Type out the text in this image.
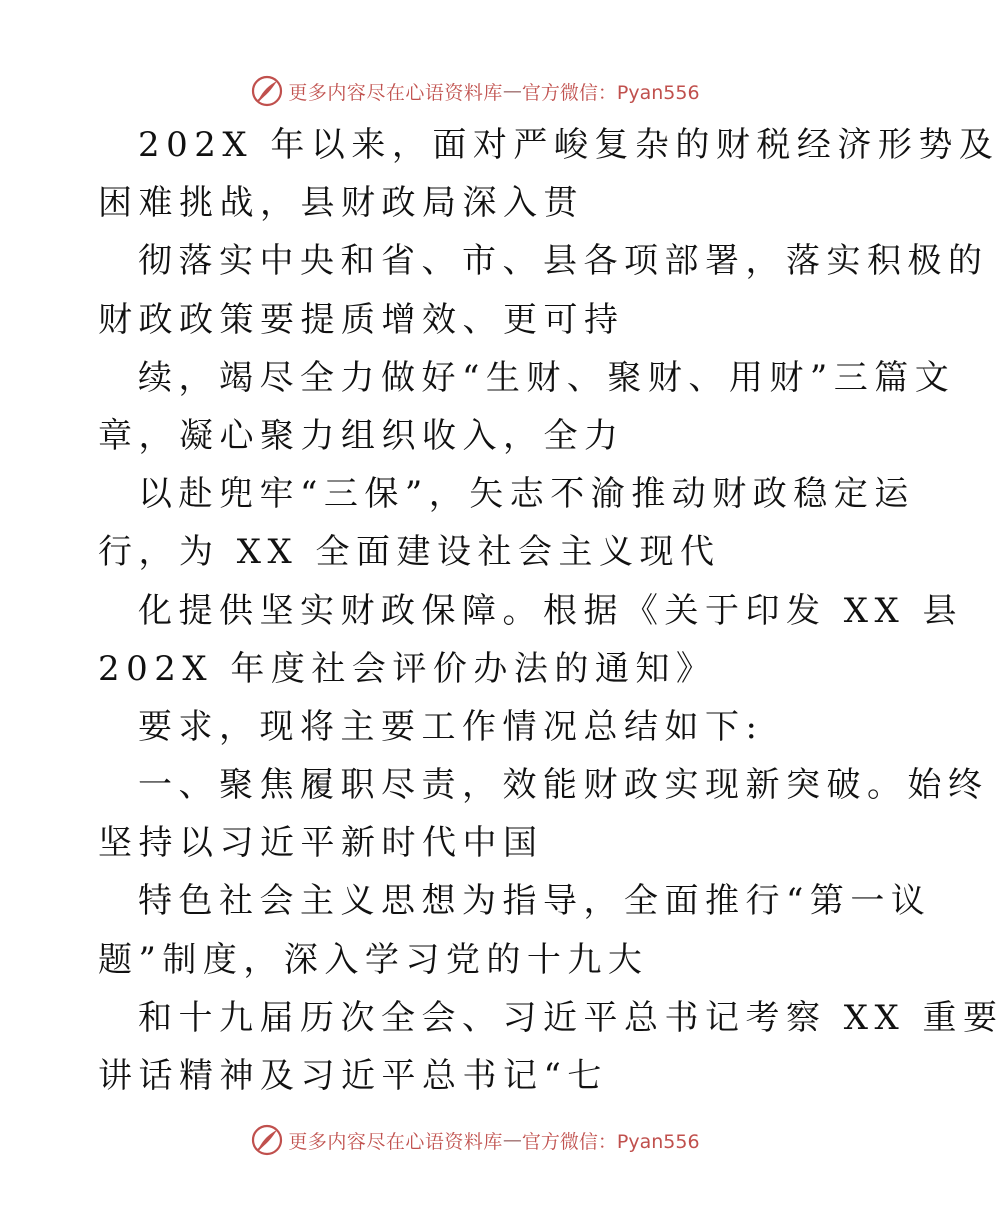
更多内容尽在心语资料库 — 官方微信：Pyan556
202X 年以来，面对严峻复杂的财税经济形势及
困难挑战，县财政局深入贯
彻落实中央和省、市、县各项部署，落实积极的
财政政策要提质增效、更可持
续，竭尽全力做好“生财、聚财、用财”三篇文
章，凝心聚力组织收入，全力
以赴兜牢“三保”，矢志不渝推动财政稳定运
行，为 XX 全面建设社会主义现代
化提供坚实财政保障。根据《关于印发 XX 县
202X 年度社会评价办法的通知》
要求，现将主要工作情况总结如下:
一、聚焦履职尽责，效能财政实现新突破。始终
坚持以习近平新时代中国
特色社会主义思想为指导，全面推行“第一议
题”制度，深入学习党的十九大
和十九届历次全会、习近平总书记考察 XX 重要
讲话精神及习近平总书记“七
更多内容尽在心语资料库 — 官方微信：Pyan556
